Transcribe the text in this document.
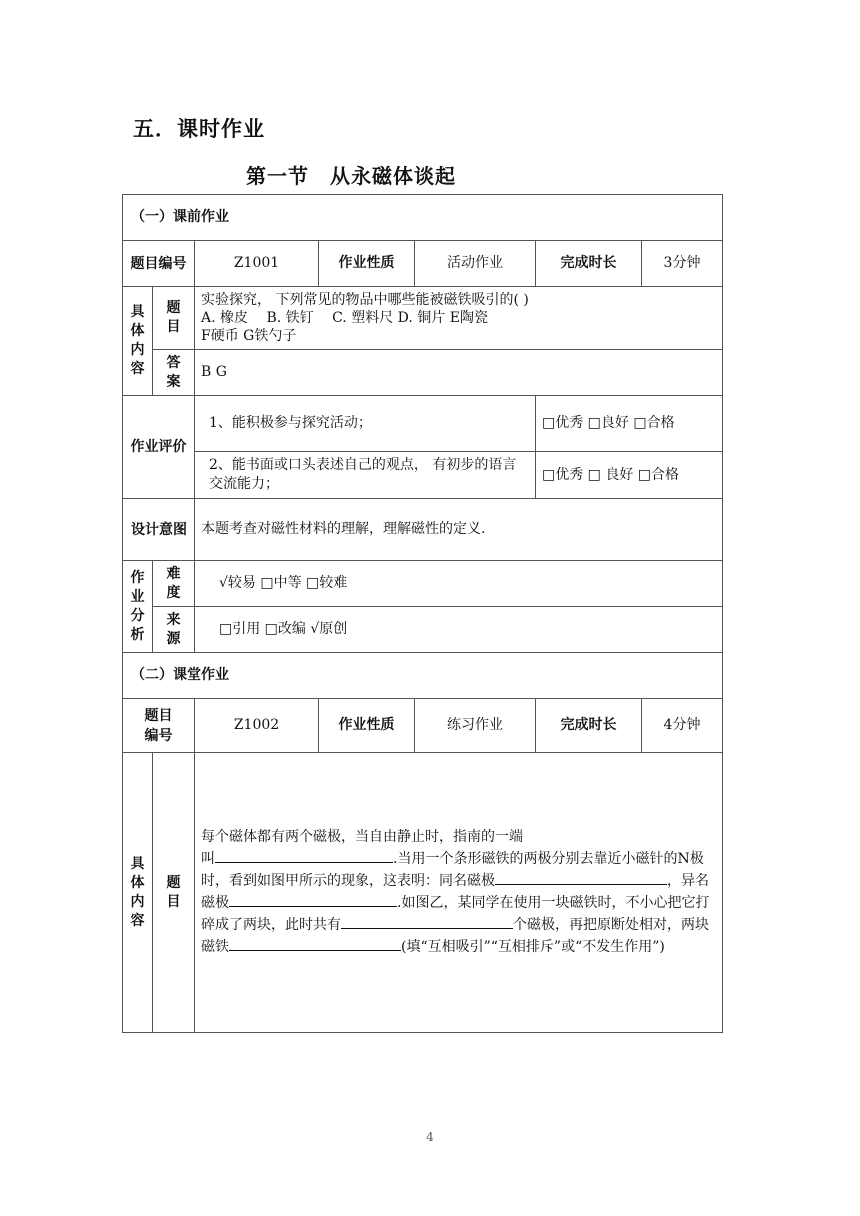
五．课时作业
第一节　从永磁体谈起
（一）课前作业						
题目编号		Z1001	作业性质	活动作业	完成时长	3分钟
具体内容	题目	实验探究， 下列常见的物品中哪些能被磁铁吸引的( )
A. 橡皮　 B. 铁钉　 C. 塑料尺 D. 铜片 E陶瓷
F硬币 G铁勺子				

	答案	B G				
作业评价		1、能积极参与探究活动；			□优秀 □良好 □合格	
		2、能书面或口头表述自己的观点， 有初步的语言交流能力；			□优秀 □ 良好 □合格	
设计意图		本题考查对磁性材料的理解，理解磁性的定义.				
作业分析	难度	√较易 □中等 □较难				
	来源	□引用 □改编 √原创				
（二）课堂作业						
题目编号		Z1002	作业性质	练习作业	完成时长	4分钟
具体内容	题目	每个磁体都有两个磁极，当自由静止时，指南的一端
叫 .当用一个条形磁铁的两极分别去靠近小磁针的N极时，看到如图甲所示的现象，这表明：同名磁极 ，异名磁极 .如图乙，某同学在使用一块磁铁时，不小心把它打碎成了两块，此时共有 个磁极，再把原断处相对，两块磁铁 (填“互相吸引”“互相排斥”或“不发生作用”)				
4
